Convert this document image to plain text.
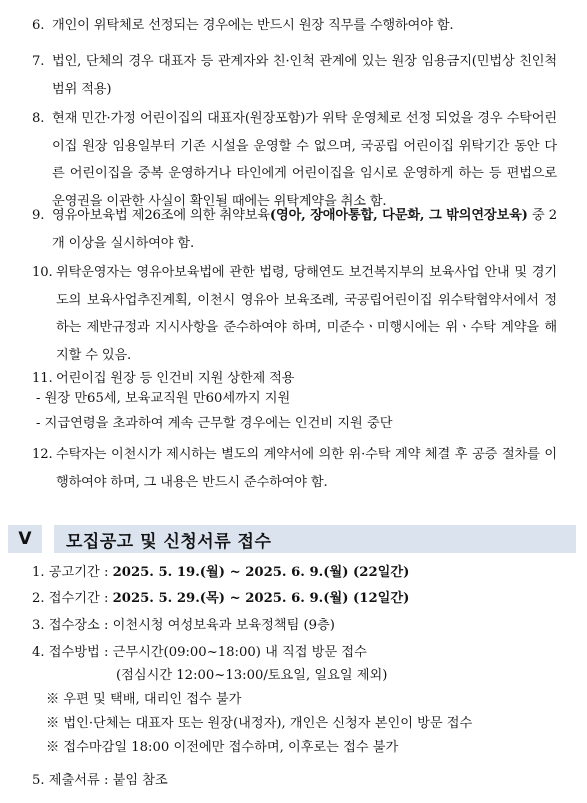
6. 개인이 위탁체로 선정되는 경우에는 반드시 원장 직무를 수행하여야 함.
7. 법인, 단체의 경우 대표자 등 관계자와 친·인척 관계에 있는 원장 임용금지(민법상 친인척 범위 적용)
8. 현재 민간·가정 어린이집의 대표자(원장포함)가 위탁 운영체로 선정 되었을 경우 수탁어린이집 원장 임용일부터 기존 시설을 운영할 수 없으며, 국공립 어린이집 위탁기간 동안 다른 어린이집을 중복 운영하거나 타인에게 어린이집을 임시로 운영하게 하는 등 편법으로 운영권을 이관한 사실이 확인될 때에는 위탁계약을 취소 함.
9. 영유아보육법 제26조에 의한 취약보육(영아, 장애아통합, 다문화, 그 밖의연장보육) 중 2개 이상을 실시하여야 함.
10. 위탁운영자는 영유아보육법에 관한 법령, 당해연도 보건복지부의 보육사업 안내 및 경기도의 보육사업추진계획, 이천시 영유아 보육조례, 국공립어린이집 위수탁협약서에서 정하는 제반규정과 지시사항을 준수하여야 하며, 미준수ㆍ미행시에는 위ㆍ수탁 계약을 해지할 수 있음.
11. 어린이집 원장 등 인건비 지원 상한제 적용
- 원장 만65세, 보육교직원 만60세까지 지원
- 지급연령을 초과하여 계속 근무할 경우에는 인건비 지원 중단
12. 수탁자는 이천시가 제시하는 별도의 계약서에 의한 위·수탁 계약 체결 후 공증 절차를 이행하여야 하며, 그 내용은 반드시 준수하여야 함.
V	모집공고 및 신청서류 접수
1. 공고기간 : 2025. 5. 19.(월) ~ 2025. 6. 9.(월) (22일간)
2. 접수기간 : 2025. 5. 29.(목) ~ 2025. 6. 9.(월) (12일간)
3. 접수장소 : 이천시청 여성보육과 보육정책팀 (9층)
4. 접수방법 : 근무시간(09:00~18:00) 내 직접 방문 접수
(점심시간 12:00~13:00/토요일, 일요일 제외)
※ 우편 및 택배, 대리인 접수 불가
※ 법인·단체는 대표자 또는 원장(내정자), 개인은 신청자 본인이 방문 접수
※ 접수마감일 18:00 이전에만 접수하며, 이후로는 접수 불가
5. 제출서류 : 붙임 참조
